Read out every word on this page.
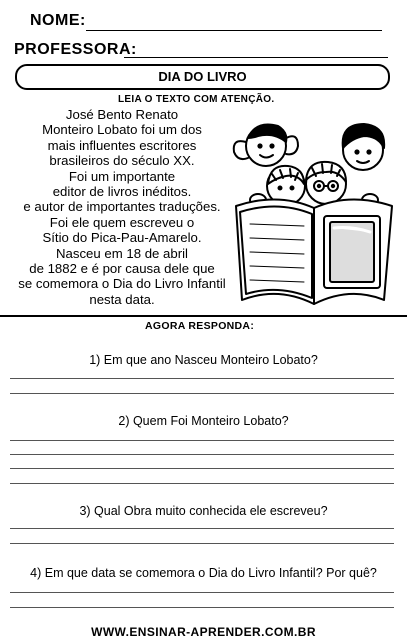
NOME:
PROFESSORA:
DIA DO LIVRO
LEIA O TEXTO COM ATENÇÃO.
José Bento Renato
Monteiro Lobato foi um dos
mais influentes escritores
brasileiros do século XX.
Foi um importante
editor de livros inéditos.
e autor de importantes traduções.
Foi ele quem escreveu o
Sítio do Pica-Pau-Amarelo.
Nasceu em 18 de abril
de 1882 e é por causa dele que
se comemora o Dia do Livro Infantil
nesta data.
AGORA RESPONDA:
1) Em que ano Nasceu Monteiro Lobato?
2) Quem Foi Monteiro Lobato?
3) Qual Obra muito conhecida ele escreveu?
4) Em que data se comemora o Dia do Livro Infantil? Por quê?
WWW.ENSINAR-APRENDER.COM.BR
